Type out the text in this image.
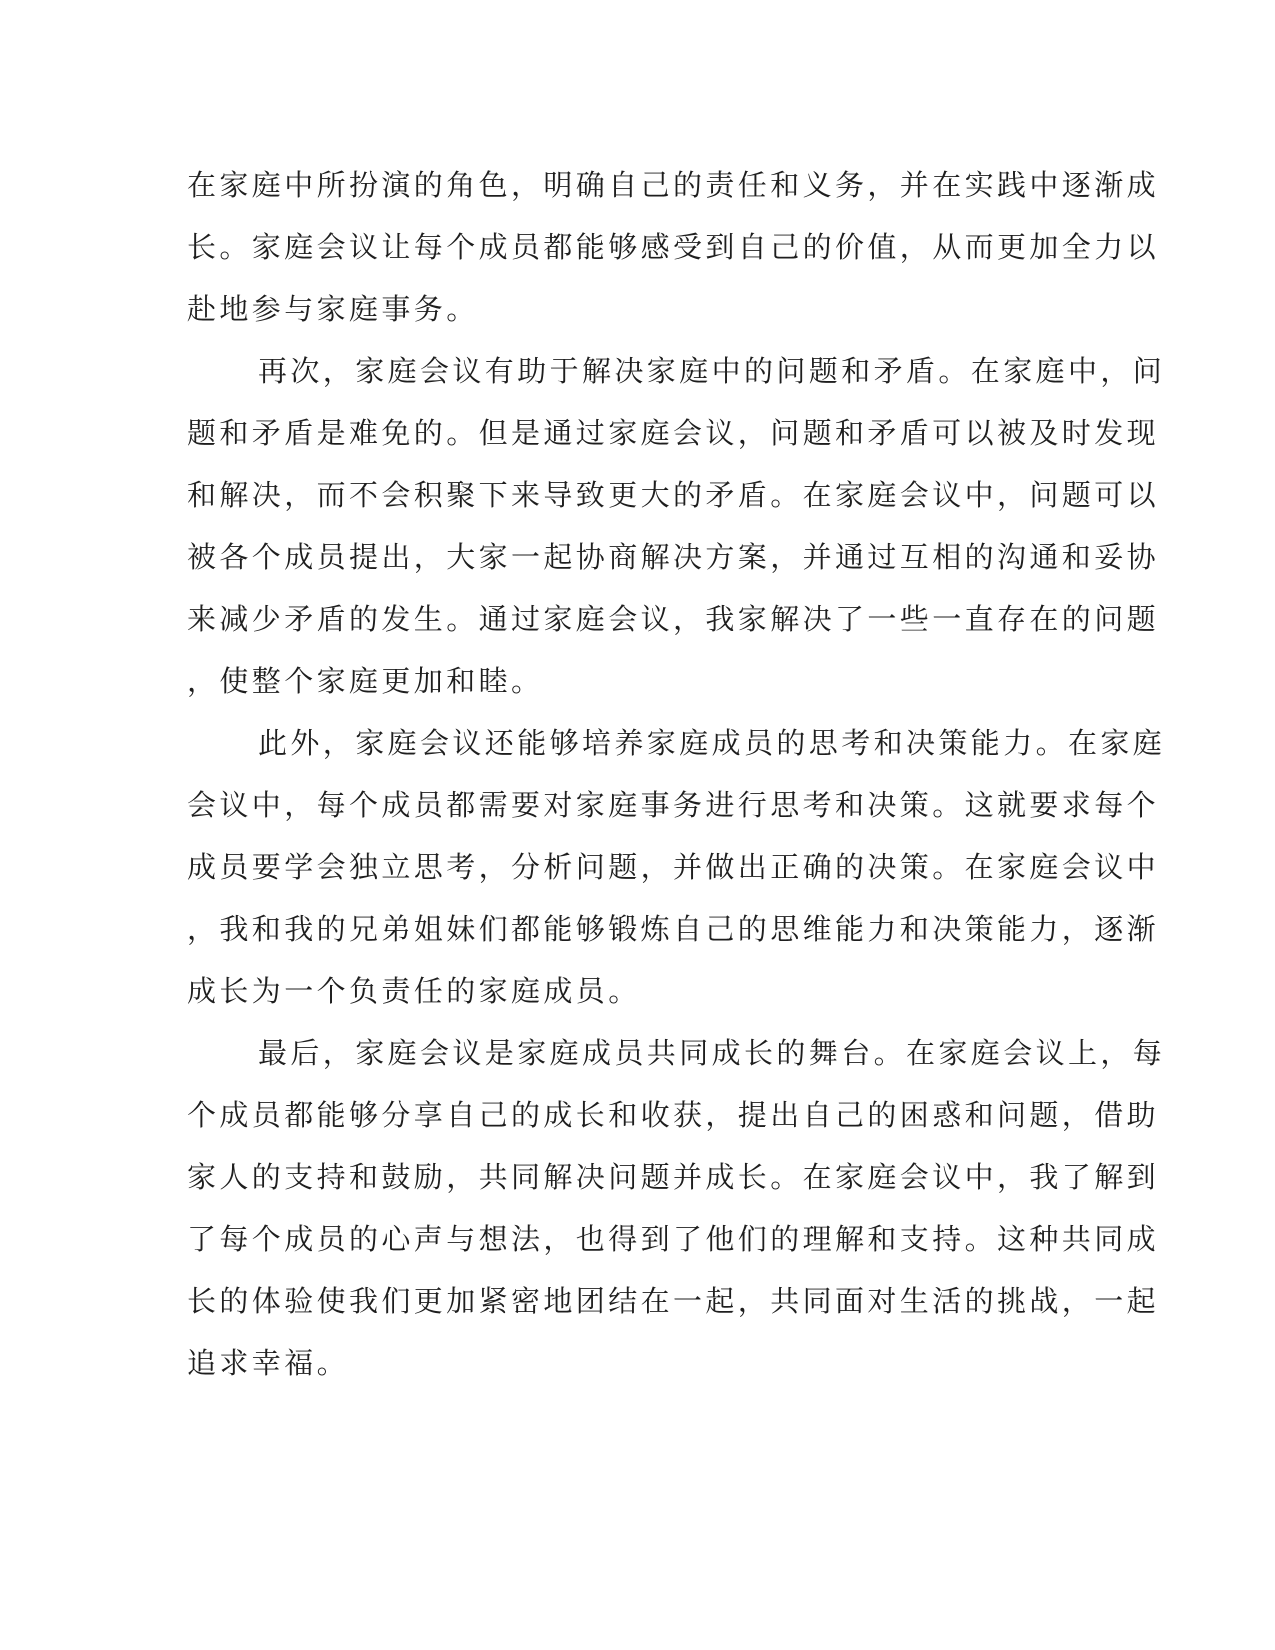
在家庭中所扮演的角色，明确自己的责任和义务，并在实践中逐渐成
长。家庭会议让每个成员都能够感受到自己的价值，从而更加全力以
赴地参与家庭事务。
再次，家庭会议有助于解决家庭中的问题和矛盾。在家庭中，问
题和矛盾是难免的。但是通过家庭会议，问题和矛盾可以被及时发现
和解决，而不会积聚下来导致更大的矛盾。在家庭会议中，问题可以
被各个成员提出，大家一起协商解决方案，并通过互相的沟通和妥协
来减少矛盾的发生。通过家庭会议，我家解决了一些一直存在的问题
，使整个家庭更加和睦。
此外，家庭会议还能够培养家庭成员的思考和决策能力。在家庭
会议中，每个成员都需要对家庭事务进行思考和决策。这就要求每个
成员要学会独立思考，分析问题，并做出正确的决策。在家庭会议中
，我和我的兄弟姐妹们都能够锻炼自己的思维能力和决策能力，逐渐
成长为一个负责任的家庭成员。
最后，家庭会议是家庭成员共同成长的舞台。在家庭会议上，每
个成员都能够分享自己的成长和收获，提出自己的困惑和问题，借助
家人的支持和鼓励，共同解决问题并成长。在家庭会议中，我了解到
了每个成员的心声与想法，也得到了他们的理解和支持。这种共同成
长的体验使我们更加紧密地团结在一起，共同面对生活的挑战，一起
追求幸福。
